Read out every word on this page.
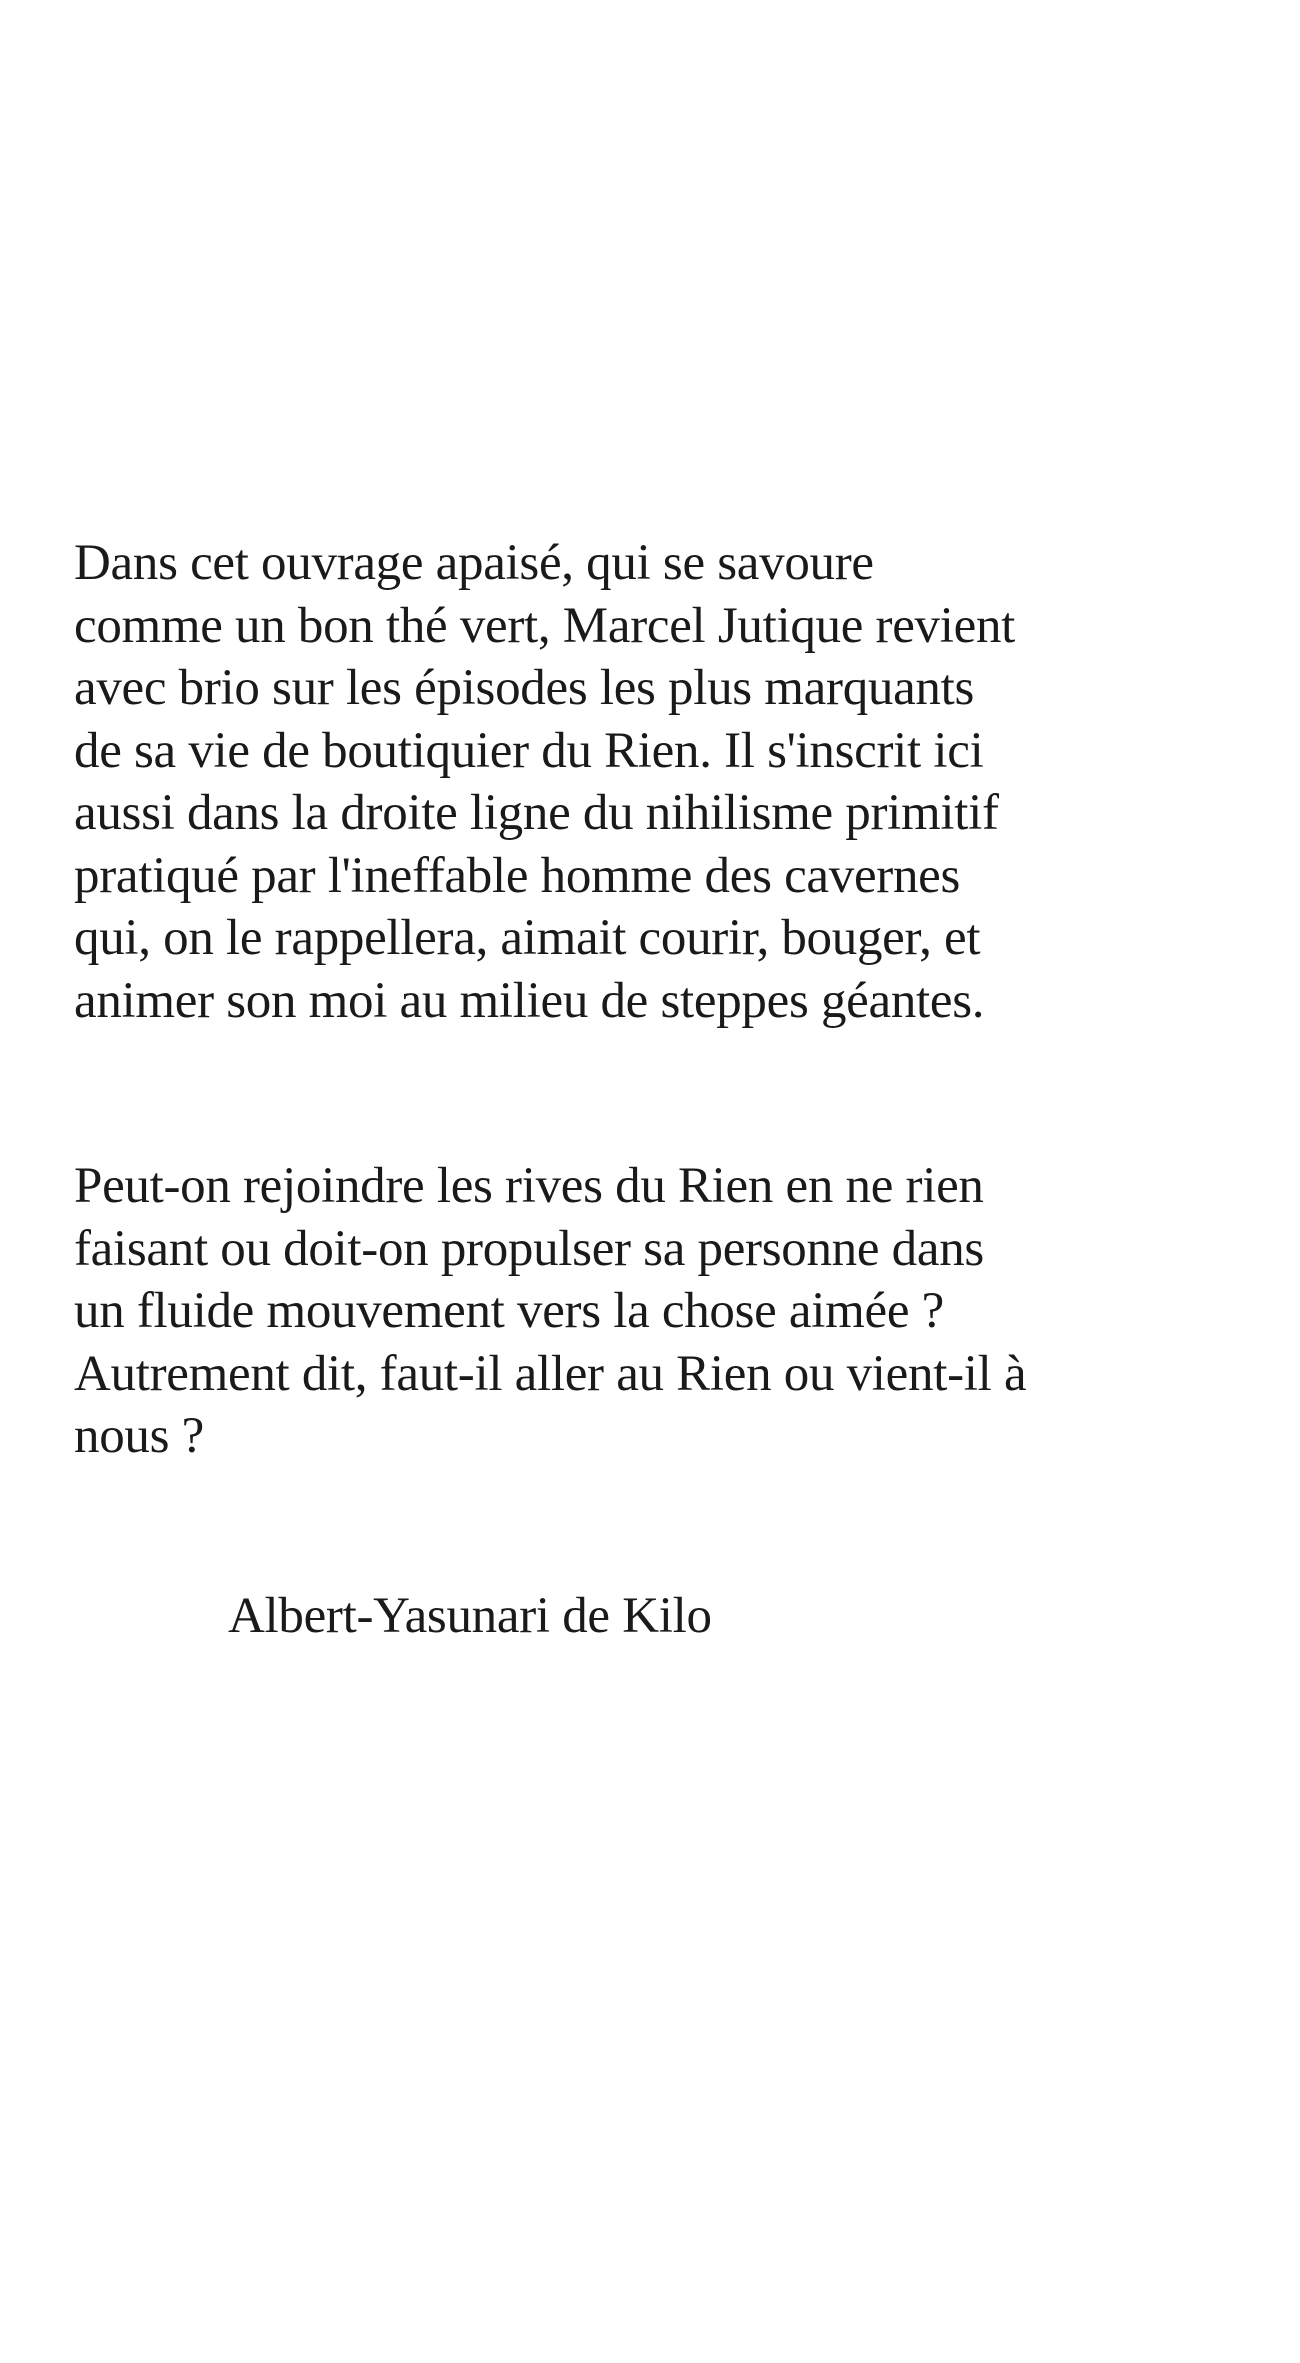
Dans cet ouvrage apaisé, qui se savoure
comme un bon thé vert, Marcel Jutique revient
avec brio sur les épisodes les plus marquants
de sa vie de boutiquier du Rien. Il s'inscrit ici
aussi dans la droite ligne du nihilisme primitif
pratiqué par l'ineffable homme des cavernes
qui, on le rappellera, aimait courir, bouger, et
animer son moi au milieu de steppes géantes.

Peut-on rejoindre les rives du Rien en ne rien
faisant ou doit-on propulser sa personne dans
un fluide mouvement vers la chose aimée ?
Autrement dit, faut-il aller au Rien ou vient-il à
nous ?

Albert-Yasunari de Kilo
